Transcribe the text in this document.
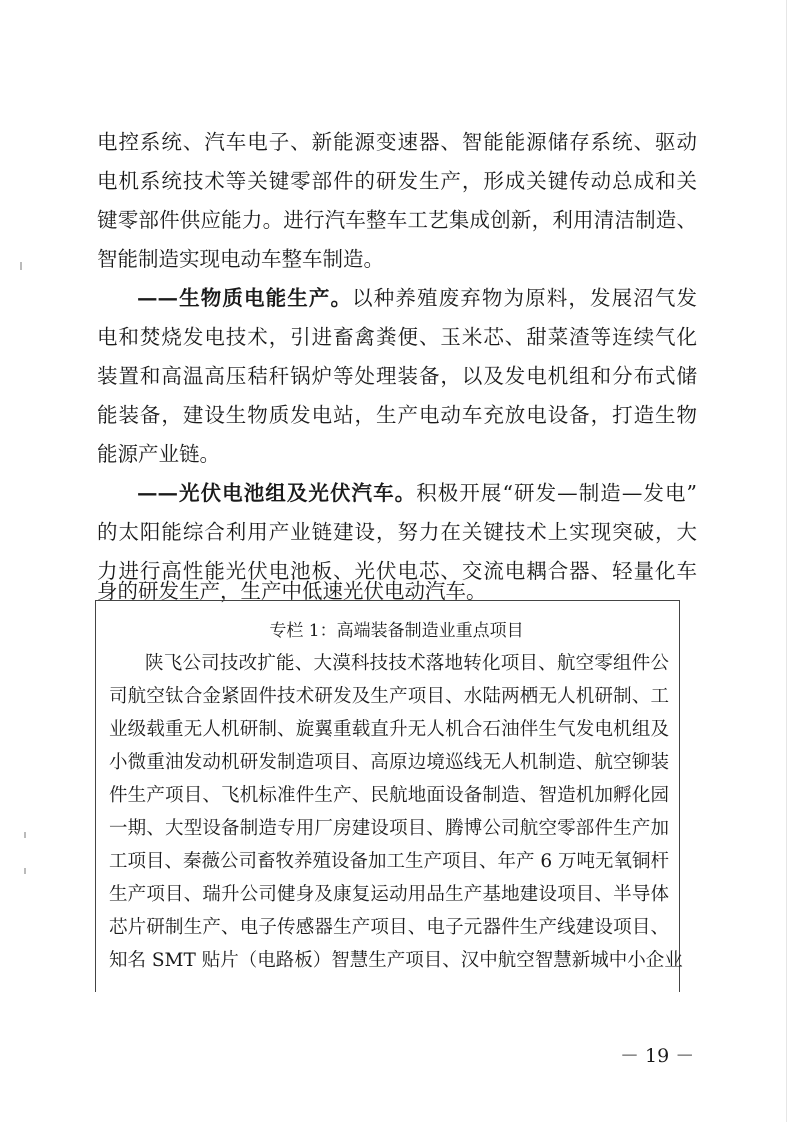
电控系统、汽车电子、新能源变速器、智能能源储存系统、驱动
电机系统技术等关键零部件的研发生产，形成关键传动总成和关
键零部件供应能力。进行汽车整车工艺集成创新，利用清洁制造、
智能制造实现电动车整车制造。
——生物质电能生产。以种养殖废弃物为原料，发展沼气发
电和焚烧发电技术，引进畜禽粪便、玉米芯、甜菜渣等连续气化
装置和高温高压秸秆锅炉等处理装备，以及发电机组和分布式储
能装备，建设生物质发电站，生产电动车充放电设备，打造生物
能源产业链。
——光伏电池组及光伏汽车。积极开展“研发—制造—发电”
的太阳能综合利用产业链建设，努力在关键技术上实现突破，大
力进行高性能光伏电池板、光伏电芯、交流电耦合器、轻量化车
身的研发生产，生产中低速光伏电动汽车。
专栏 1：高端装备制造业重点项目
陕飞公司技改扩能、大漠科技技术落地转化项目、航空零组件公
司航空钛合金紧固件技术研发及生产项目、水陆两栖无人机研制、工
业级载重无人机研制、旋翼重载直升无人机合石油伴生气发电机组及
小微重油发动机研发制造项目、高原边境巡线无人机制造、航空铆装
件生产项目、飞机标准件生产、民航地面设备制造、智造机加孵化园
一期、大型设备制造专用厂房建设项目、腾博公司航空零部件生产加
工项目、秦薇公司畜牧养殖设备加工生产项目、年产 6 万吨无氧铜杆
生产项目、瑞升公司健身及康复运动用品生产基地建设项目、半导体
芯片研制生产、电子传感器生产项目、电子元器件生产线建设项目、
知名 SMT 贴片（电路板）智慧生产项目、汉中航空智慧新城中小企业
－ 19 －
